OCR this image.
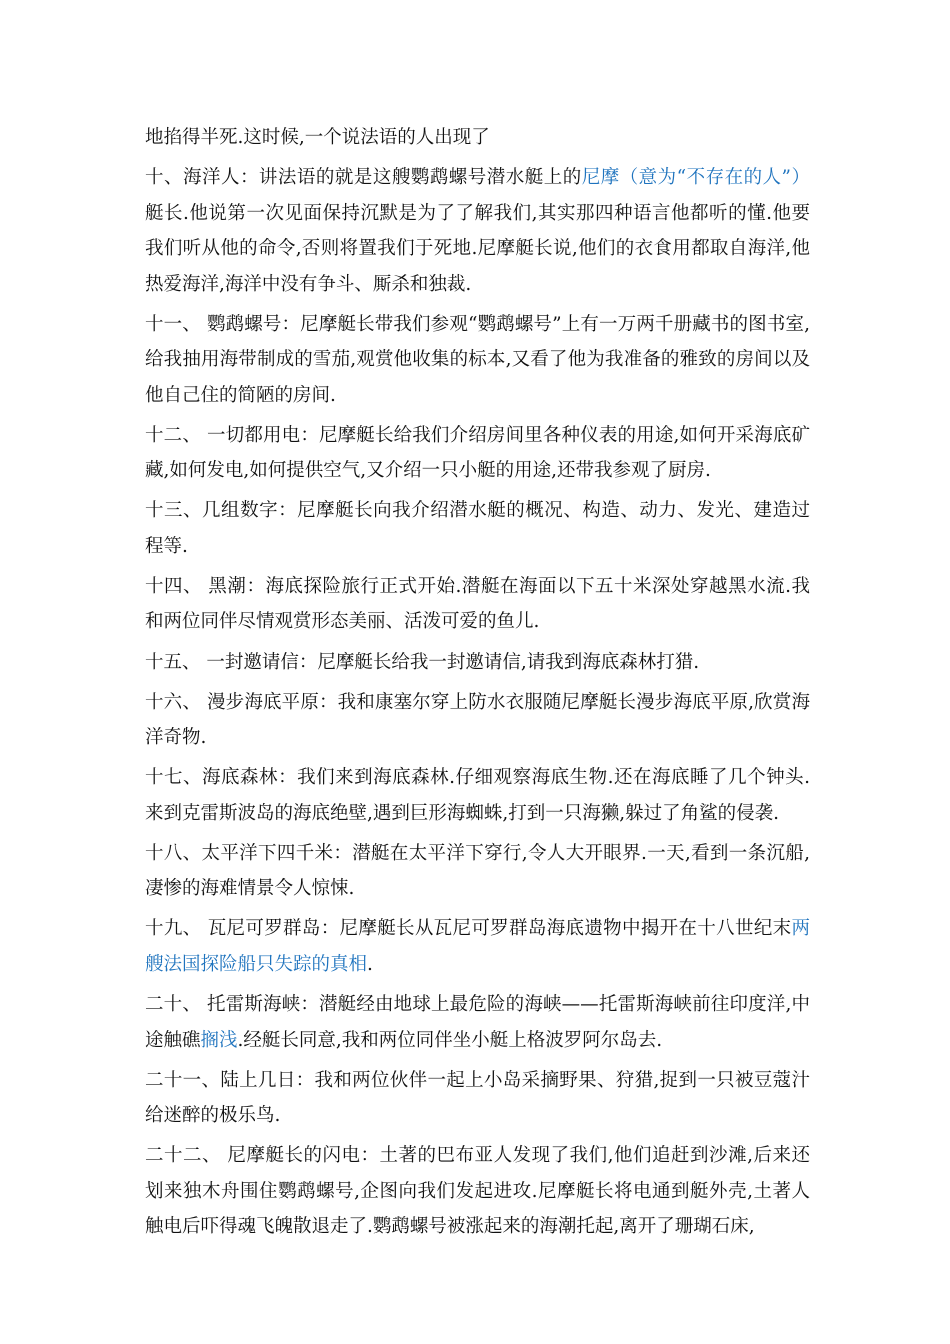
地掐得半死.这时候,一个说法语的人出现了

十、海洋人：讲法语的就是这艘鹦鹉螺号潜水艇上的尼摩（意为“不存在的人”）艇长.他说第一次见面保持沉默是为了了解我们,其实那四种语言他都听的懂.他要我们听从他的命令,否则将置我们于死地.尼摩艇长说,他们的衣食用都取自海洋,他热爱海洋,海洋中没有争斗、厮杀和独裁.

十一、 鹦鹉螺号：尼摩艇长带我们参观“鹦鹉螺号”上有一万两千册藏书的图书室,给我抽用海带制成的雪茄,观赏他收集的标本,又看了他为我准备的雅致的房间以及他自己住的简陋的房间.

十二、 一切都用电：尼摩艇长给我们介绍房间里各种仪表的用途,如何开采海底矿藏,如何发电,如何提供空气,又介绍一只小艇的用途,还带我参观了厨房.

十三、几组数字：尼摩艇长向我介绍潜水艇的概况、构造、动力、发光、建造过程等.

十四、 黑潮：海底探险旅行正式开始.潜艇在海面以下五十米深处穿越黑水流.我和两位同伴尽情观赏形态美丽、活泼可爱的鱼儿.

十五、 一封邀请信：尼摩艇长给我一封邀请信,请我到海底森林打猎.

十六、 漫步海底平原：我和康塞尔穿上防水衣服随尼摩艇长漫步海底平原,欣赏海洋奇物.

十七、海底森林：我们来到海底森林.仔细观察海底生物.还在海底睡了几个钟头.来到克雷斯波岛的海底绝壁,遇到巨形海蜘蛛,打到一只海獭,躲过了角鲨的侵袭.

十八、太平洋下四千米：潜艇在太平洋下穿行,令人大开眼界.一天,看到一条沉船,凄惨的海难情景令人惊悚.

十九、 瓦尼可罗群岛：尼摩艇长从瓦尼可罗群岛海底遗物中揭开在十八世纪末两艘法国探险船只失踪的真相.

二十、 托雷斯海峡：潜艇经由地球上最危险的海峡——托雷斯海峡前往印度洋,中途触礁搁浅.经艇长同意,我和两位同伴坐小艇上格波罗阿尔岛去.

二十一、陆上几日：我和两位伙伴一起上小岛采摘野果、狩猎,捉到一只被豆蔻汁给迷醉的极乐鸟.

二十二、 尼摩艇长的闪电：土著的巴布亚人发现了我们,他们追赶到沙滩,后来还划来独木舟围住鹦鹉螺号,企图向我们发起进攻.尼摩艇长将电通到艇外壳,土著人触电后吓得魂飞魄散退走了.鹦鹉螺号被涨起来的海潮托起,离开了珊瑚石床,
